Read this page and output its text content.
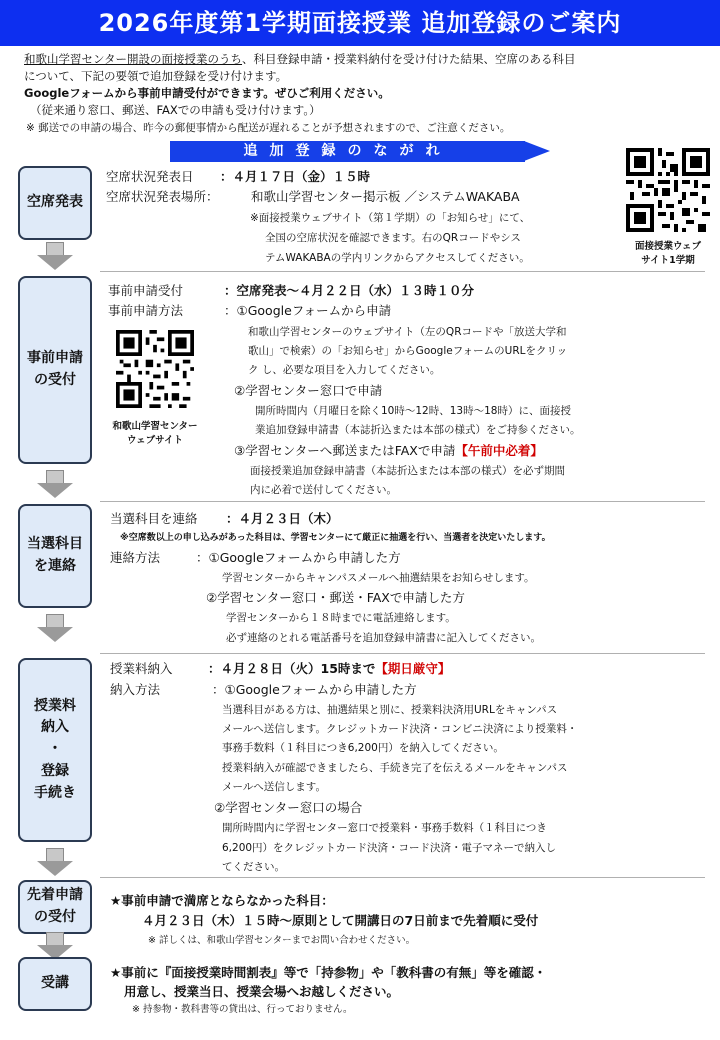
2026年度第1学期面接授業 追加登録のご案内
和歌山学習センター開設の面接授業のうち、科目登録申請・授業料納付を受け付けた結果、空席のある科目
について、下記の要領で追加登録を受け付けます。
Googleフォームから事前申請受付ができます。ぜひご利用ください。
（従来通り窓口、郵送、FAXでの申請も受け付けます。）
※ 郵送での申請の場合、昨今の郵便事情から配送が遅れることが予想されますので、ご注意ください。
追加登録のながれ
面接授業ウェブ
サイト1学期
空席発表
空席状況発表日 ：４月１７日（金）１５時
空席状況発表場所：	和歌山学習センター掲示板 ／システムWAKABA
※面接授業ウェブサイト（第１学期）の「お知らせ」にて、
全国の空席状況を確認できます。右のQRコードやシス
テムWAKABAの学内リンクからアクセスしてください。
事前申請
の受付
事前申請受付	：空席発表～４月２２日（水）１３時１０分
事前申請方法	：①Googleフォームから申請
和歌山学習センターのウェブサイト（左のQRコードや「放送大学和
歌山」で検索）の「お知らせ」からGoogleフォームのURLをクリッ
ク し、必要な項目を入力してください。
②学習センター窓口で申請
開所時間内（月曜日を除く10時～12時、13時～18時）に、面接授
業追加登録申請書（本誌折込または本部の様式）をご持参ください。
③学習センターへ郵送またはFAXで申請【午前中必着】
面接授業追加登録申請書（本誌折込または本部の様式）を必ず期間
内に必着で送付してください。
和歌山学習センター
ウェブサイト
当選科目
を連絡
当選科目を連絡 ：４月２３日（木）
※空席数以上の申し込みがあった科目は、学習センターにて厳正に抽選を行い、当選者を決定いたします。
連絡方法	：①Googleフォームから申請した方
学習センターからキャンパスメールへ抽選結果をお知らせします。
②学習センター窓口・郵送・FAXで申請した方
学習センターから１８時までに電話連絡します。
必ず連絡のとれる電話番号を追加登録申請書に記入してください。
授業料
納入
・
登録
手続き
授業料納入	：４月２８日（火）15時まで【期日厳守】
納入方法	：①Googleフォームから申請した方
当選科目がある方は、抽選結果と別に、授業料決済用URLをキャンパス
メールへ送信します。クレジットカード決済・コンビニ決済により授業料・
事務手数料（１科目につき6,200円）を納入してください。
授業料納入が確認できましたら、手続き完了を伝えるメールをキャンパス
メールへ送信します。
②学習センター窓口の場合
開所時間内に学習センター窓口で授業料・事務手数料（１科目につき
6,200円）をクレジットカード決済・コード決済・電子マネーで納入し
てください。
先着申請
の受付
★事前申請で満席とならなかった科目：
４月２３日（木）１５時～原則として開講日の7日前まで先着順に受付
※ 詳しくは、和歌山学習センターまでお問い合わせください。
受講
★事前に『面接授業時間割表』等で「持参物」や「教科書の有無」等を確認・
用意し、授業当日、授業会場へお越しください。
※ 持参物・教科書等の貸出は、行っておりません。
